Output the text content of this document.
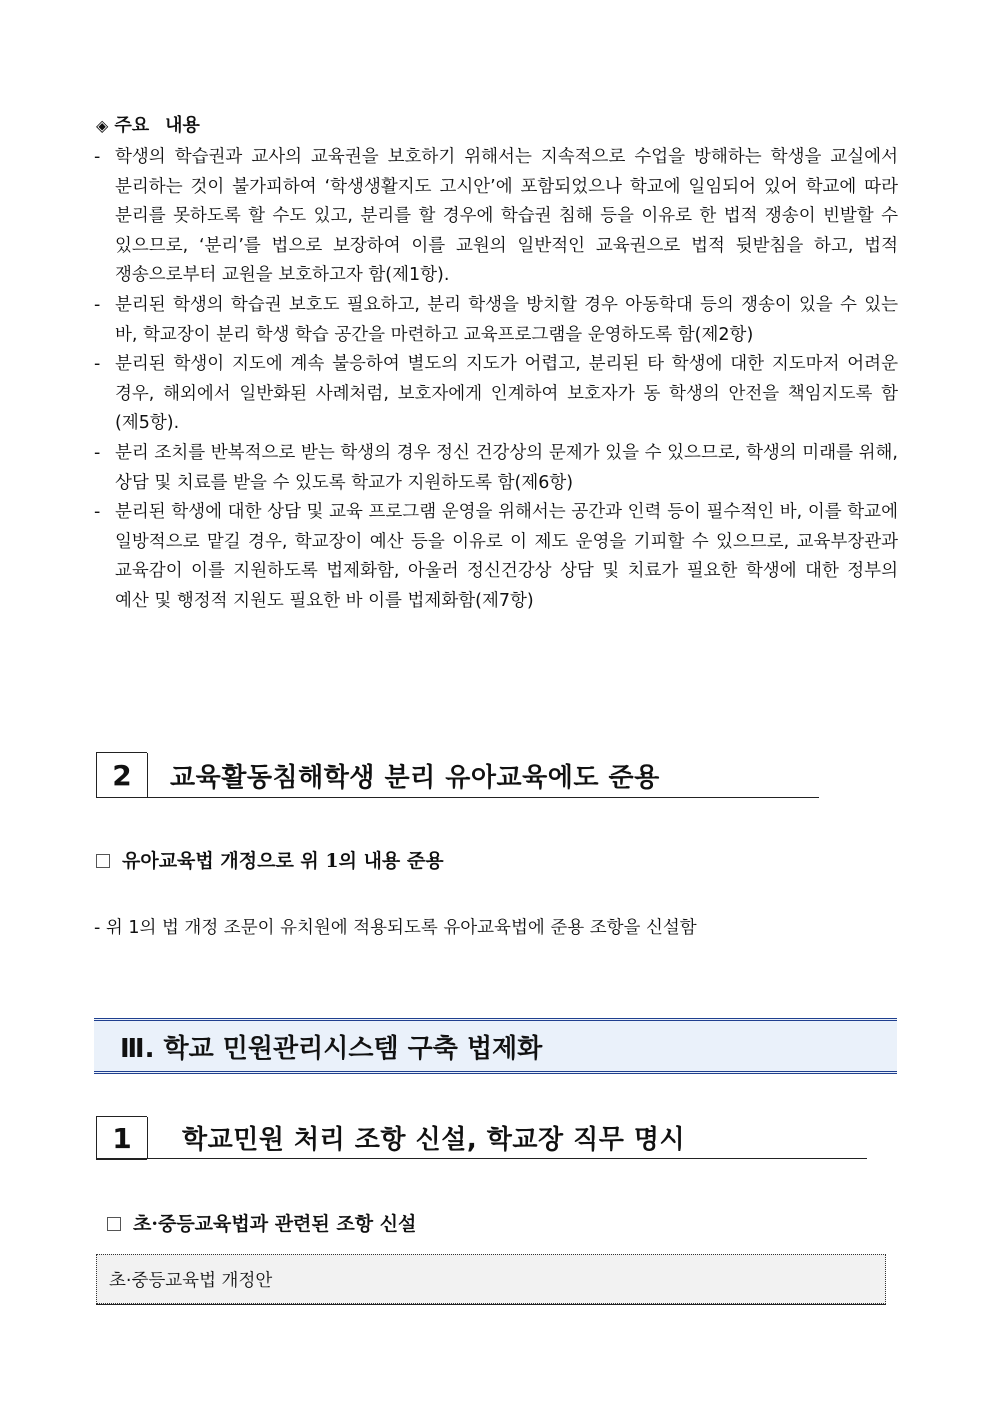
◈ 주요 내용
- 학생의 학습권과 교사의 교육권을 보호하기 위해서는 지속적으로 수업을 방해하는 학생을 교실에서 분리하는 것이 불가피하여 ‘학생생활지도 고시안’에 포함되었으나 학교에 일임되어 있어 학교에 따라 분리를 못하도록 할 수도 있고, 분리를 할 경우에 학습권 침해 등을 이유로 한 법적 쟁송이 빈발할 수 있으므로, ‘분리’를 법으로 보장하여 이를 교원의 일반적인 교육권으로 법적 뒷받침을 하고, 법적 쟁송으로부터 교원을 보호하고자 함(제1항).
- 분리된 학생의 학습권 보호도 필요하고, 분리 학생을 방치할 경우 아동학대 등의 쟁송이 있을 수 있는 바, 학교장이 분리 학생 학습 공간을 마련하고 교육프로그램을 운영하도록 함(제2항)
- 분리된 학생이 지도에 계속 불응하여 별도의 지도가 어렵고, 분리된 타 학생에 대한 지도마저 어려운 경우, 해외에서 일반화된 사례처럼, 보호자에게 인계하여 보호자가 동 학생의 안전을 책임지도록 함(제5항).
- 분리 조치를 반복적으로 받는 학생의 경우 정신 건강상의 문제가 있을 수 있으므로, 학생의 미래를 위해, 상담 및 치료를 받을 수 있도록 학교가 지원하도록 함(제6항)
- 분리된 학생에 대한 상담 및 교육 프로그램 운영을 위해서는 공간과 인력 등이 필수적인 바, 이를 학교에 일방적으로 맡길 경우, 학교장이 예산 등을 이유로 이 제도 운영을 기피할 수 있으므로, 교육부장관과 교육감이 이를 지원하도록 법제화함, 아울러 정신건강상 상담 및 치료가 필요한 학생에 대한 정부의 예산 및 행정적 지원도 필요한 바 이를 법제화함(제7항)
2	교육활동침해학생 분리 유아교육에도 준용
유아교육법 개정으로 위 1의 내용 준용
- 위 1의 법 개정 조문이 유치원에 적용되도록 유아교육법에 준용 조항을 신설함
Ⅲ. 학교 민원관리시스템 구축 법제화
1	학교민원 처리 조항 신설, 학교장 직무 명시
초·중등교육법과 관련된 조항 신설
초·중등교육법 개정안
